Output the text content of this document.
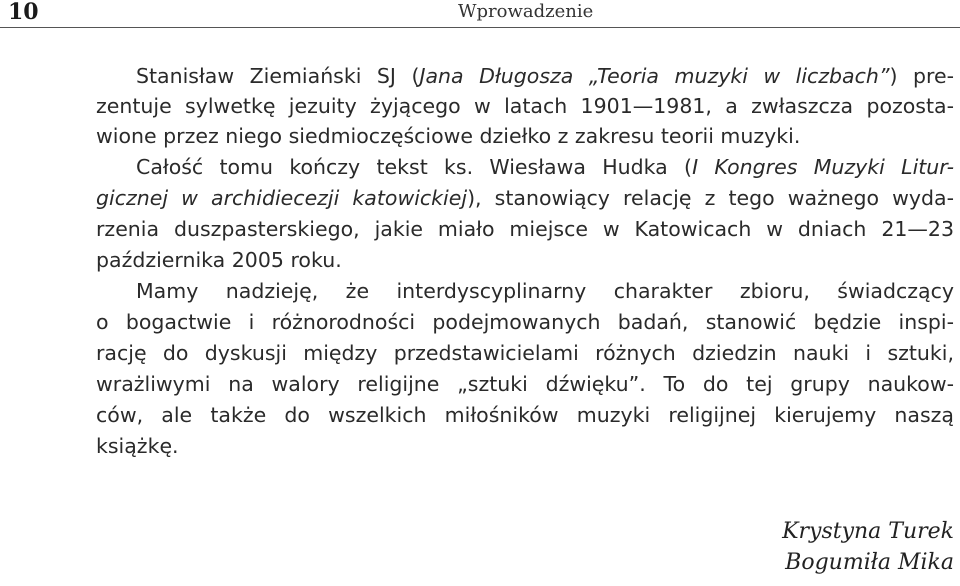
10	Wprowadzenie
Stanisław Ziemiański SJ (Jana Długosza „Teoria muzyki w liczbach”) pre-
zentuje sylwetkę jezuity żyjącego w latach 1901—1981, a zwłaszcza pozosta-
wione przez niego siedmioczęściowe dziełko z zakresu teorii muzyki.
Całość tomu kończy tekst ks. Wiesława Hudka (I Kongres Muzyki Litur-
gicznej w archidiecezji katowickiej), stanowiący relację z tego ważnego wyda-
rzenia duszpasterskiego, jakie miało miejsce w Katowicach w dniach 21—23
października 2005 roku.
Mamy nadzieję, że interdyscyplinarny charakter zbioru, świadczący
o bogactwie i różnorodności podejmowanych badań, stanowić będzie inspi-
rację do dyskusji między przedstawicielami różnych dziedzin nauki i sztuki,
wrażliwymi na walory religijne „sztuki dźwięku”. To do tej grupy naukow-
ców, ale także do wszelkich miłośników muzyki religijnej kierujemy naszą
książkę.
Krystyna Turek
Bogumiła Mika
